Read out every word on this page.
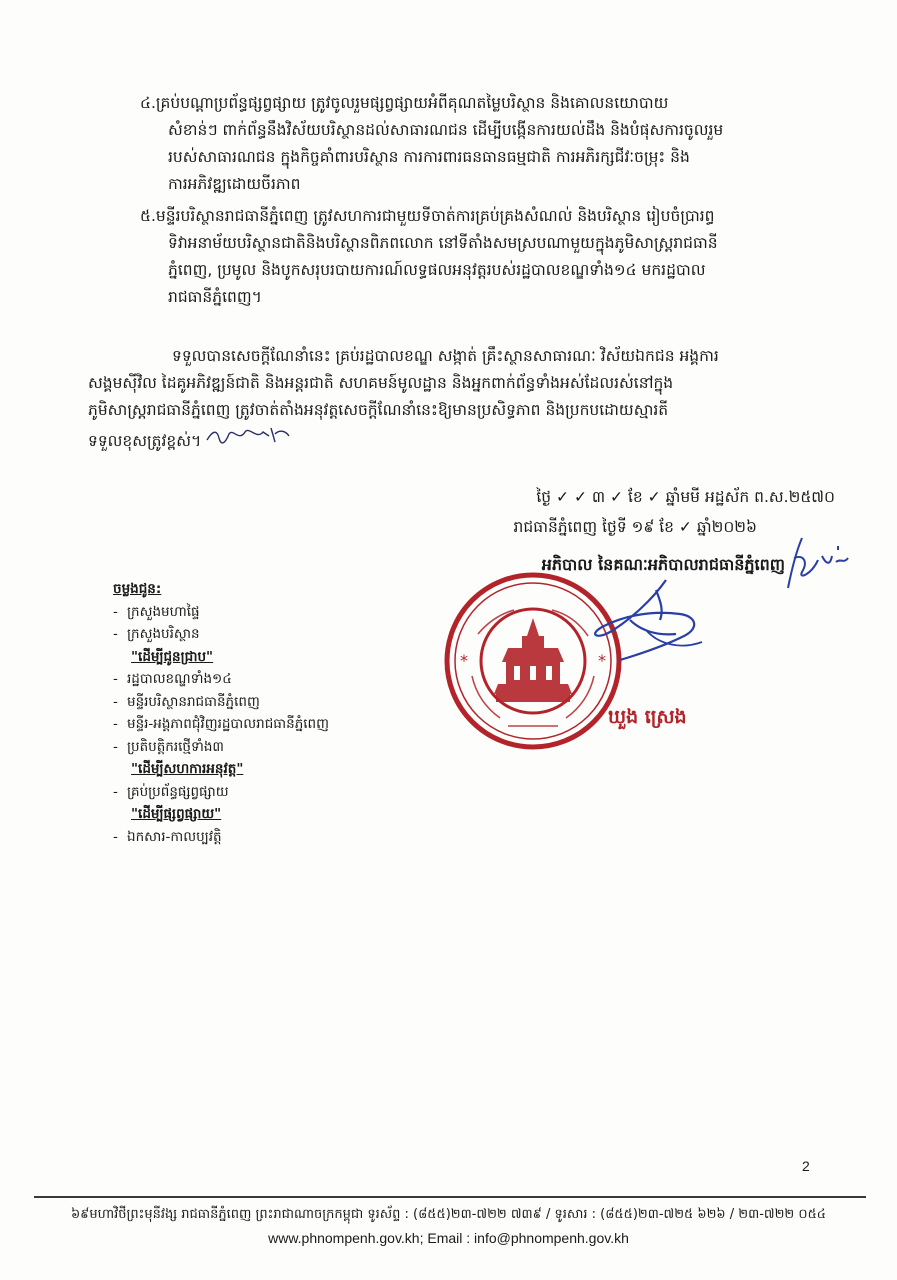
៤.គ្រប់បណ្ដាប្រព័ន្ធផ្សព្វផ្សាយ ត្រូវចូលរួមផ្សព្វផ្សាយអំពីគុណតម្លៃបរិស្ថាន និងគោលនយោបាយ
សំខាន់ៗ ពាក់ព័ន្ធនឹងវិស័យបរិស្ថានដល់សាធារណជន ដើម្បីបង្កើនការយល់ដឹង និងបំផុសការចូលរួម
របស់សាធារណជន ក្នុងកិច្ចគាំពារបរិស្ថាន ការការពារធនធានធម្មជាតិ ការអភិរក្សជីវៈចម្រុះ និង
ការអភិវឌ្ឍដោយចីរភាព

៥.មន្ទីរបរិស្ថានរាជធានីភ្នំពេញ ត្រូវសហការជាមួយទីចាត់ការគ្រប់គ្រងសំណល់ និងបរិស្ថាន រៀបចំប្រារព្ធ
ទិវាអនាម័យបរិស្ថានជាតិនិងបរិស្ថានពិភពលោក នៅទីតាំងសមស្របណាមួយក្នុងភូមិសាស្ត្ររាជធានី
ភ្នំពេញ, ប្រមូល និងបូកសរុបរបាយការណ៍លទ្ធផលអនុវត្តរបស់រដ្ឋបាលខណ្ឌទាំង១៤ មករដ្ឋបាល
រាជធានីភ្នំពេញ។

ទទួលបានសេចក្ដីណែនាំនេះ គ្រប់រដ្ឋបាលខណ្ឌ សង្កាត់ គ្រឹះស្ថានសាធារណៈ វិស័យឯកជន អង្គការ
សង្គមស៊ីវិល ដៃគូអភិវឌ្ឍន៍ជាតិ និងអន្តរជាតិ សហគមន៍មូលដ្ឋាន និងអ្នកពាក់ព័ន្ធទាំងអស់ដែលរស់នៅក្នុង
ភូមិសាស្ត្ររាជធានីភ្នំពេញ ត្រូវចាត់តាំងអនុវត្តសេចក្ដីណែនាំនេះឱ្យមានប្រសិទ្ធភាព និងប្រកបដោយស្មារតី
ទទួលខុសត្រូវខ្ពស់។

ថ្ងៃ ✓ ✓ ៣ ✓ ខែ ✓ ឆ្នាំមមី អដ្ឋស័ក ព.ស.២៥៧០
រាជធានីភ្នំពេញ ថ្ងៃទី ១៩ ខែ ✓ ឆ្នាំ២០២៦
អភិបាល នៃគណៈអភិបាលរាជធានីភ្នំពេញ
*	*
ឃួង ស្រេង
ចម្លងជូន:
- ក្រសួងមហាផ្ទៃ
- ក្រសួងបរិស្ថាន
"ដើម្បីជូនជ្រាប"
- រដ្ឋបាលខណ្ឌទាំង១៤
- មន្ទីរបរិស្ថានរាជធានីភ្នំពេញ
- មន្ទីរ-អង្គភាពជុំវិញរដ្ឋបាលរាជធានីភ្នំពេញ
- ប្រតិបត្តិករថ្មើទាំង៣
"ដើម្បីសហការអនុវត្ត"
- គ្រប់ប្រព័ន្ធផ្សព្វផ្សាយ
"ដើម្បីផ្សព្វផ្សាយ"
- ឯកសារ-កាលប្បវត្តិ
2
៦៩មហាវិថីព្រះមុនីវង្ស រាជធានីភ្នំពេញ ព្រះរាជាណាចក្រកម្ពុជា ទូរស័ព្ទ : (៨៥៥)២៣-៧២២ ៧៣៩ / ទូរសារ : (៨៥៥)២៣-៧២៥ ៦២៦ / ២៣-៧២២ ០៥៤
www.phnompenh.gov.kh; Email : info@phnompenh.gov.kh
